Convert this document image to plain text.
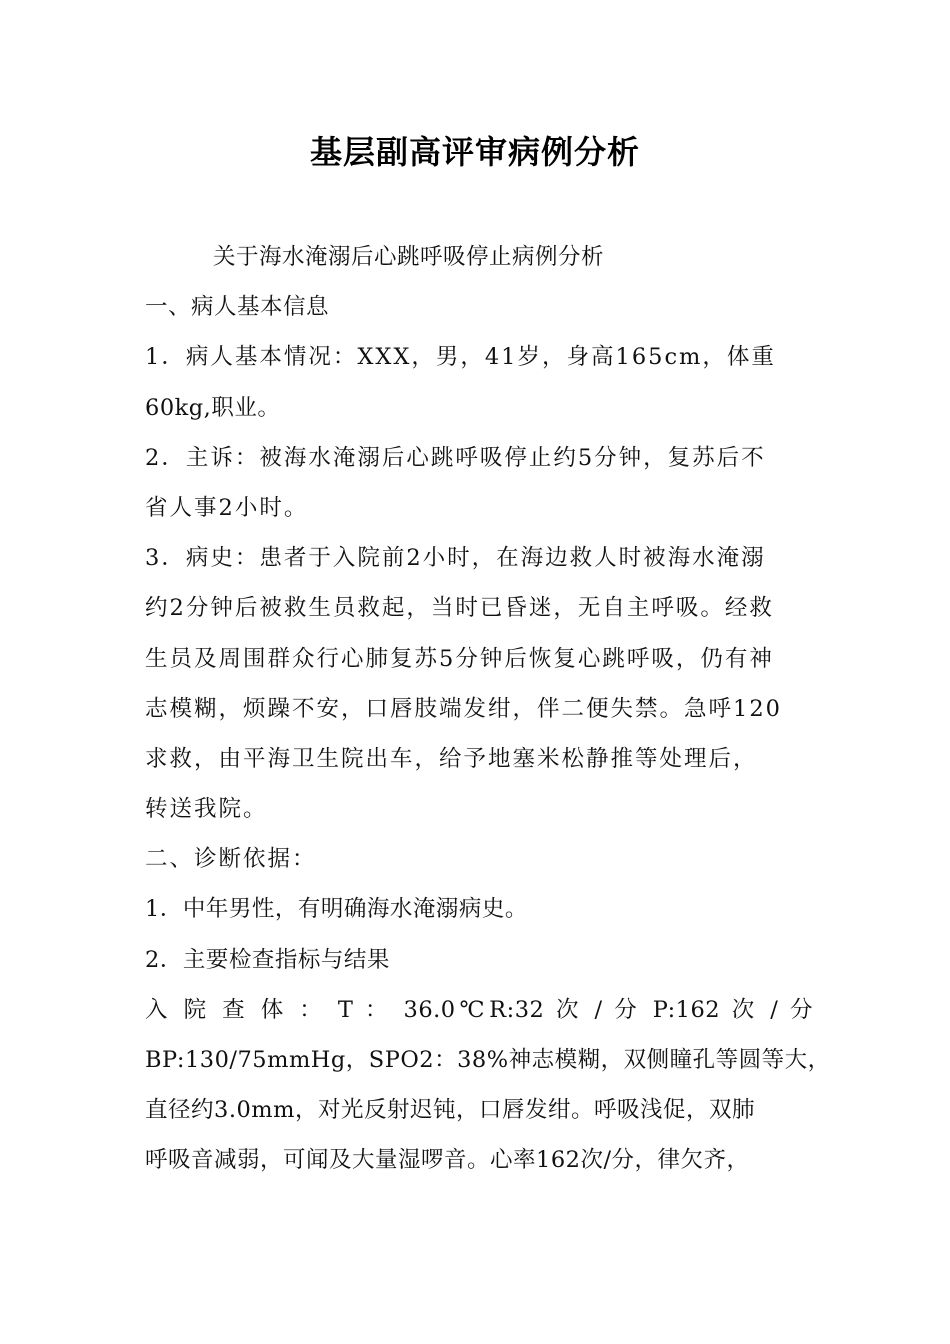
基层副高评审病例分析
关于海水淹溺后心跳呼吸停止病例分析
一、病人基本信息
1．病人基本情况：XXX，男，41岁，身高165cm，体重
60kg,职业。
2．主诉：被海水淹溺后心跳呼吸停止约5分钟，复苏后不
省人事2小时。
3．病史：患者于入院前2小时，在海边救人时被海水淹溺
约2分钟后被救生员救起，当时已昏迷，无自主呼吸。经救
生员及周围群众行心肺复苏5分钟后恢复心跳呼吸，仍有神
志模糊，烦躁不安，口唇肢端发绀，伴二便失禁。急呼120
求救，由平海卫生院出车，给予地塞米松静推等处理后，
转送我院。
二、诊断依据：
1．中年男性，有明确海水淹溺病史。
2．主要检查指标与结果
入 院 查 体 ： T ： 36.0℃R:32 次 / 分 P:162 次 / 分
BP:130/75mmHg，SPO2：38%神志模糊，双侧瞳孔等圆等大，
直径约3.0mm，对光反射迟钝，口唇发绀。呼吸浅促，双肺
呼吸音减弱，可闻及大量湿啰音。心率162次/分，律欠齐，
